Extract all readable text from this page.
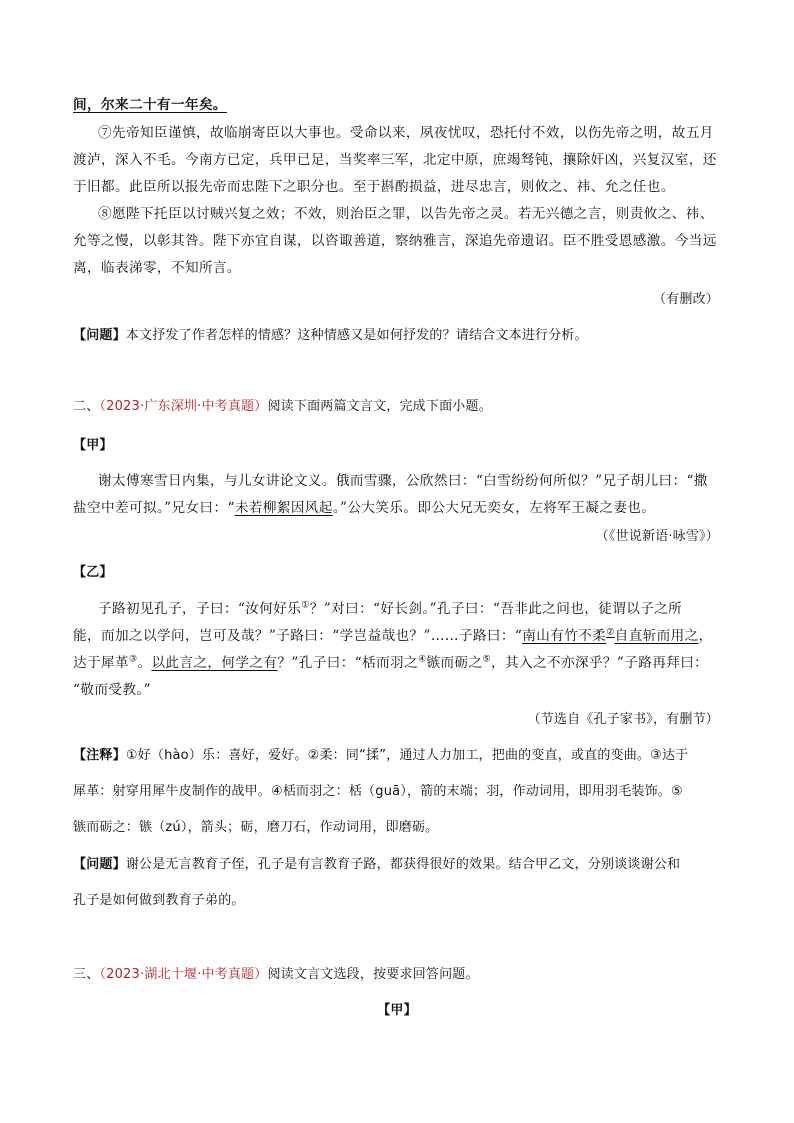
间，尔来二十有一年矣。
⑦先帝知臣谨慎，故临崩寄臣以大事也。受命以来，夙夜忧叹，恐托付不效，以伤先帝之明，故五月
渡泸，深入不毛。今南方已定，兵甲已足，当奖率三军，北定中原，庶竭驽钝，攘除奸凶，兴复汉室，还
于旧都。此臣所以报先帝而忠陛下之职分也。至于斟酌损益，进尽忠言，则攸之、祎、允之任也。
⑧愿陛下托臣以讨贼兴复之效；不效，则治臣之罪，以告先帝之灵。若无兴德之言，则责攸之、祎、
允等之慢，以彰其咎。陛下亦宜自谋，以咨诹善道，察纳雅言，深追先帝遗诏。臣不胜受恩感激。今当远
离，临表涕零，不知所言。
（有删改）
【问题】本文抒发了作者怎样的情感？这种情感又是如何抒发的？请结合文本进行分析。
二、（2023·广东深圳·中考真题）阅读下面两篇文言文，完成下面小题。
【甲】
谢太傅寒雪日内集，与儿女讲论文义。俄而雪骤，公欣然曰：“白雪纷纷何所似？”兄子胡儿曰：“撒
盐空中差可拟。”兄女曰：“未若柳絮因风起。”公大笑乐。即公大兄无奕女，左将军王凝之妻也。
（《世说新语·咏雪》）
【乙】
子路初见孔子，子曰：“汝何好乐①？”对曰：“好长剑。”孔子曰：“吾非此之问也，徒谓以子之所
能，而加之以学问，岂可及哉？”子路曰：“学岂益哉也？”……子路曰：“南山有竹不柔②自直斩而用之，
达于犀革③。以此言之，何学之有？”孔子曰：“栝而羽之④镞而砺之⑤，其入之不亦深乎？”子路再拜曰：
“敬而受教。”
（节选自《孔子家书》，有删节）
【注释】①好（hào）乐：喜好，爱好。②柔：同“揉”，通过人力加工，把曲的变直，或直的变曲。③达于
犀革：射穿用犀牛皮制作的战甲。④栝而羽之：栝（guā），箭的末端；羽，作动词用，即用羽毛装饰。⑤
镞而砺之：镞（zú），箭头；砺，磨刀石，作动词用，即磨砺。
【问题】谢公是无言教育子侄，孔子是有言教育子路，都获得很好的效果。结合甲乙文，分别谈谈谢公和
孔子是如何做到教育子弟的。
三、（2023·湖北十堰·中考真题）阅读文言文选段，按要求回答问题。
【甲】
